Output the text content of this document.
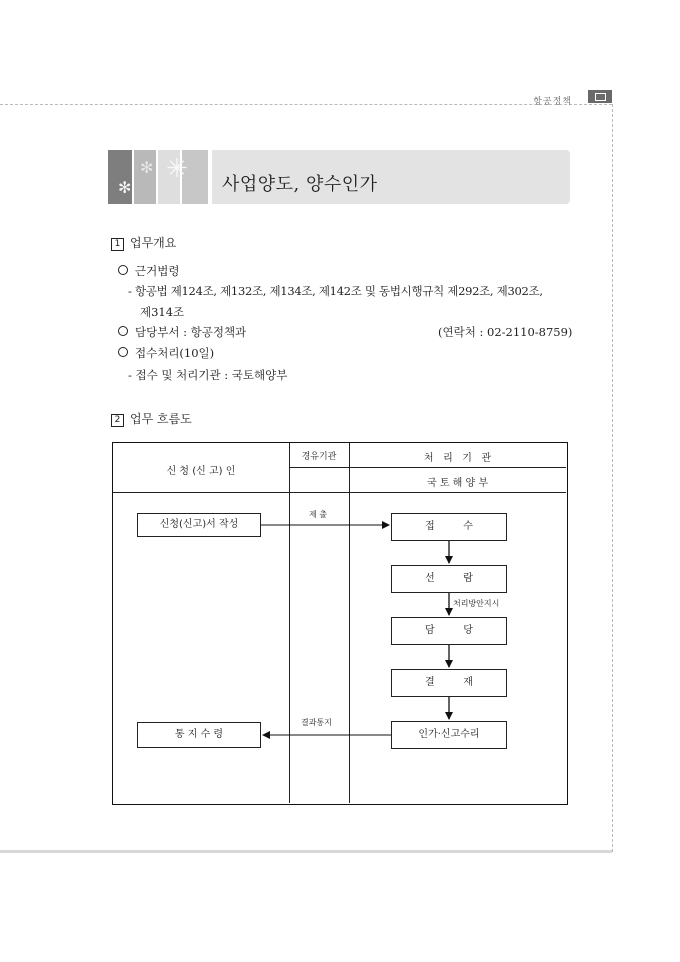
항공정책
✻
✻ ✳
사업양도, 양수인가
1 업무개요
근거법령
- 항공법 제124조, 제132조, 제134조, 제142조 및 동법시행규칙 제292조, 제302조,
제314조
담당부서 : 항공정책과	(연락처 : 02-2110-8759)
접수처리(10일)
- 접수 및 처리기관 : 국토해양부
2 업무 흐름도
신 청 (신 고) 인
경유기관	처   리   기   관
국 토 해 양 부
신청(신고)서 작성	접         수
선         람
담         당
결         재
인가·신고수리
통 지 수 령
제 출
처리방안지시
결과통지
